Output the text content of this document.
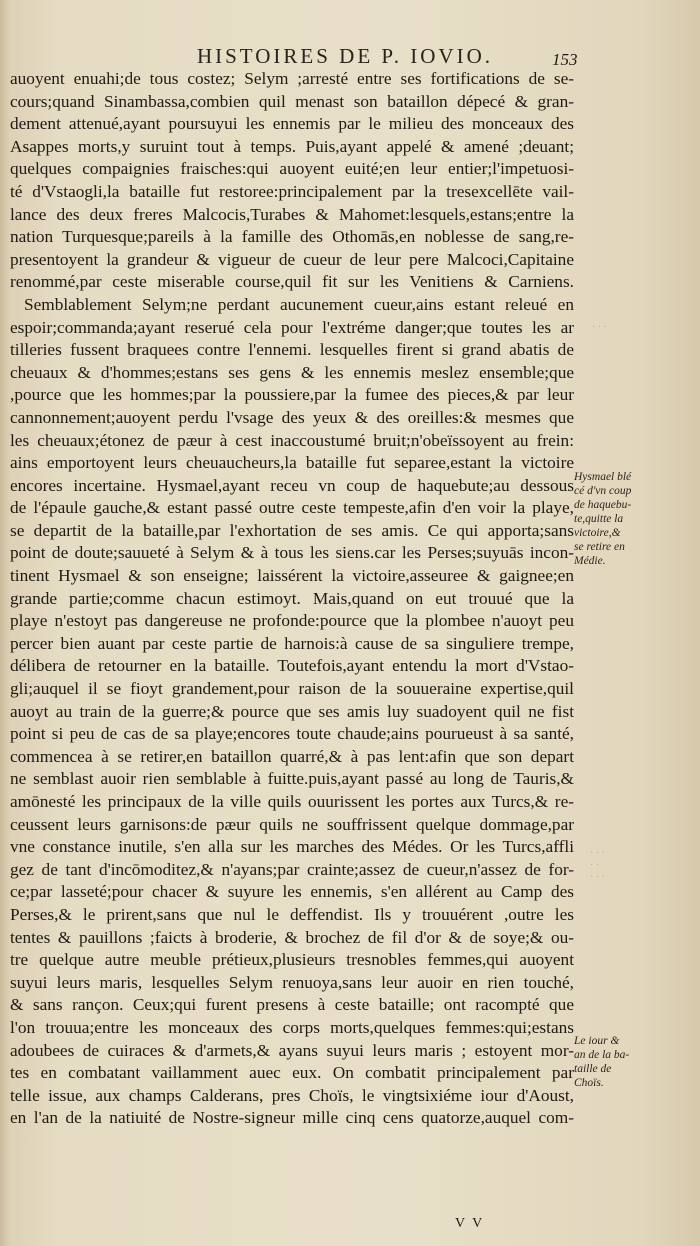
HISTOIRES DE P. IOVIO.	153
auoyent enuahi;de tous costez; Selym ;arresté entre ses fortifications de se-
cours;quand Sinambassa,combien quil menast son bataillon dépecé & gran-
dement attenué,ayant poursuyui les ennemis par le milieu des monceaux des
Asappes morts,y suruint tout à temps. Puis,ayant appelé & amené ;deuant;
quelques compaignies fraisches:qui auoyent euité;en leur entier;l'impetuosi-
té d'Vstaogli,la bataille fut restoree:principalement par la tresexcellēte vail-
lance des deux freres Malcocis,Turabes & Mahomet:lesquels,estans;entre la
nation Turquesque;pareils à la famille des Othomās,en noblesse de sang,re-
presentoyent la grandeur & vigueur de cueur de leur pere Malcoci,Capitaine
renommé,par ceste miserable course,quil fit sur les Venitiens & Carniens.
Semblablement Selym;ne perdant aucunement cueur,ains estant releué en
espoir;commanda;ayant reserué cela pour l'extréme danger;que toutes les ar
tilleries fussent braquees contre l'ennemi. lesquelles firent si grand abatis de
cheuaux & d'hommes;estans ses gens & les ennemis meslez ensemble;que
,pource que les hommes;par la poussiere,par la fumee des pieces,& par leur
cannonnement;auoyent perdu l'vsage des yeux & des oreilles:& mesmes que
les cheuaux;étonez de pæur à cest inaccoustumé bruit;n'obeïssoyent au frein:
ains emportoyent leurs cheuaucheurs,la bataille fut separee,estant la victoire
encores incertaine. Hysmael,ayant receu vn coup de haquebute;au dessous
de l'épaule gauche,& estant passé outre ceste tempeste,afin d'en voir la playe,
se departit de la bataille,par l'exhortation de ses amis. Ce qui apporta;sans
point de doute;sauueté à Selym & à tous les siens.car les Perses;suyuās incon-
tinent Hysmael & son enseigne; laissérent la victoire,asseuree & gaignee;en
grande partie;comme chacun estimoyt. Mais,quand on eut trouué que la
playe n'estoyt pas dangereuse ne profonde:pource que la plombee n'auoyt peu
percer bien auant par ceste partie de harnois:à cause de sa singuliere trempe,
délibera de retourner en la bataille. Toutefois,ayant entendu la mort d'Vstao-
gli;auquel il se fioyt grandement,pour raison de la souueraine expertise,quil
auoyt au train de la guerre;& pource que ses amis luy suadoyent quil ne fist
point si peu de cas de sa playe;encores toute chaude;ains pourueust à sa santé,
commencea à se retirer,en bataillon quarré,& à pas lent:afin que son depart
ne semblast auoir rien semblable à fuitte.puis,ayant passé au long de Tauris,&
amōnesté les principaux de la ville quils ouurissent les portes aux Turcs,& re-
ceussent leurs garnisons:de pæur quils ne souffrissent quelque dommage,par
vne constance inutile, s'en alla sur les marches des Médes. Or les Turcs,affli
gez de tant d'incōmoditez,& n'ayans;par crainte;assez de cueur,n'assez de for-
ce;par lasseté;pour chacer & suyure les ennemis, s'en allérent au Camp des
Perses,& le prirent,sans que nul le deffendist. Ils y trouuérent ,outre les
tentes & pauillons ;faicts à broderie, & brochez de fil d'or & de soye;& ou-
tre quelque autre meuble prétieux,plusieurs tresnobles femmes,qui auoyent
suyui leurs maris, lesquelles Selym renuoya,sans leur auoir en rien touché,
& sans rançon. Ceux;qui furent presens à ceste bataille; ont racompté que
l'on trouua;entre les monceaux des corps morts,quelques femmes:qui;estans
adoubees de cuiraces & d'armets,& ayans suyui leurs maris ; estoyent mor-
tes en combatant vaillamment auec eux. On combatit principalement par
telle issue, aux champs Calderans, pres Choïs, le vingtsixiéme iour d'Aoust,
en l'an de la natiuité de Nostre-signeur mille cinq cens quatorze,auquel com-
Hysmael blé
cé d'vn coup
de haquebu-
te,quitte la
victoire,&
se retire en
Médie.
Le iour &
an de la ba-
taille de
Choïs.
· · ·
· · ·
· ·
· · ·
V V
